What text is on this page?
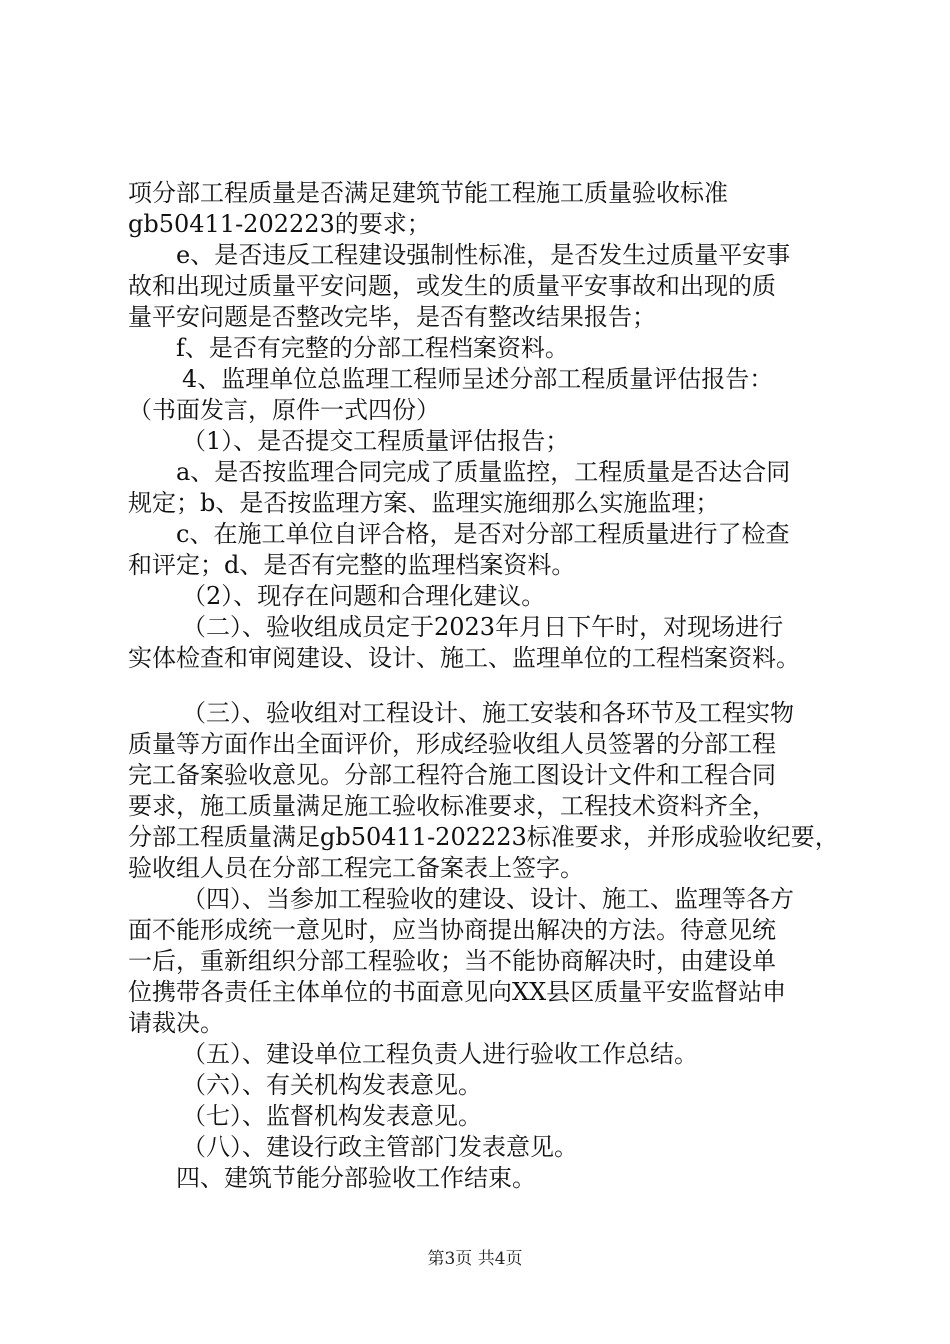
项分部工程质量是否满足建筑节能工程施工质量验收标准
gb50411-202223的要求；
e、是否违反工程建设强制性标准，是否发生过质量平安事
故和出现过质量平安问题，或发生的质量平安事故和出现的质
量平安问题是否整改完毕，是否有整改结果报告；
f、是否有完整的分部工程档案资料。
4、监理单位总监理工程师呈述分部工程质量评估报告：
（书面发言，原件一式四份）
（1）、是否提交工程质量评估报告；
a、是否按监理合同完成了质量监控，工程质量是否达合同
规定；b、是否按监理方案、监理实施细那么实施监理；
c、在施工单位自评合格，是否对分部工程质量进行了检查
和评定；d、是否有完整的监理档案资料。
（2）、现存在问题和合理化建议。
（二）、验收组成员定于2023年月日下午时，对现场进行
实体检查和审阅建设、设计、施工、监理单位的工程档案资料。
（三）、验收组对工程设计、施工安装和各环节及工程实物
质量等方面作出全面评价，形成经验收组人员签署的分部工程
完工备案验收意见。分部工程符合施工图设计文件和工程合同
要求，施工质量满足施工验收标准要求，工程技术资料齐全，
分部工程质量满足gb50411-202223标准要求，并形成验收纪要，
验收组人员在分部工程完工备案表上签字。
（四）、当参加工程验收的建设、设计、施工、监理等各方
面不能形成统一意见时，应当协商提出解决的方法。待意见统
一后，重新组织分部工程验收；当不能协商解决时，由建设单
位携带各责任主体单位的书面意见向XX县区质量平安监督站申
请裁决。
（五）、建设单位工程负责人进行验收工作总结。
（六）、有关机构发表意见。
（七）、监督机构发表意见。
（八）、建设行政主管部门发表意见。
四、建筑节能分部验收工作结束。
第3页 共4页
